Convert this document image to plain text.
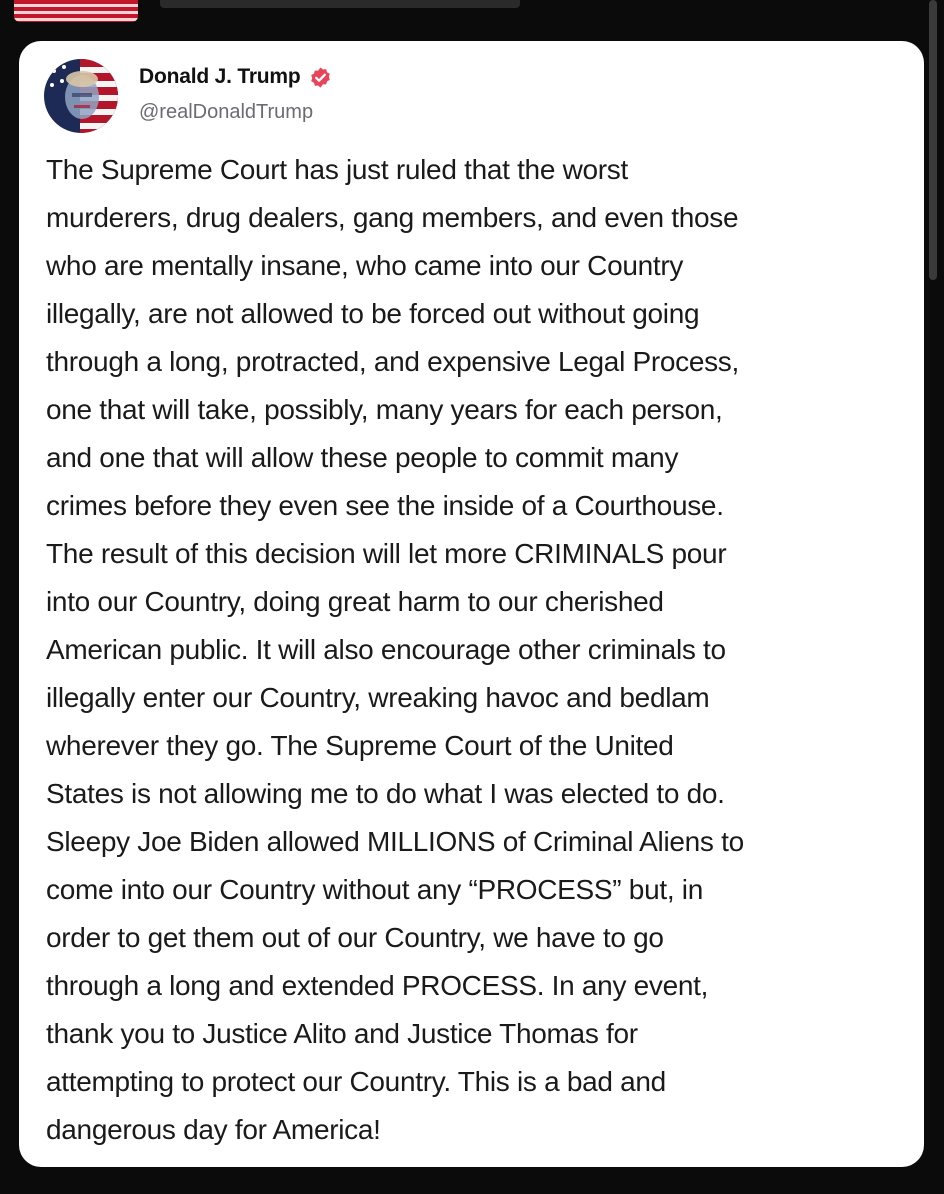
Donald J. Trump
@realDonaldTrump

The Supreme Court has just ruled that the worst
murderers, drug dealers, gang members, and even those
who are mentally insane, who came into our Country
illegally, are not allowed to be forced out without going
through a long, protracted, and expensive Legal Process,
one that will take, possibly, many years for each person,
and one that will allow these people to commit many
crimes before they even see the inside of a Courthouse.
The result of this decision will let more CRIMINALS pour
into our Country, doing great harm to our cherished
American public. It will also encourage other criminals to
illegally enter our Country, wreaking havoc and bedlam
wherever they go. The Supreme Court of the United
States is not allowing me to do what I was elected to do.
Sleepy Joe Biden allowed MILLIONS of Criminal Aliens to
come into our Country without any “PROCESS” but, in
order to get them out of our Country, we have to go
through a long and extended PROCESS. In any event,
thank you to Justice Alito and Justice Thomas for
attempting to protect our Country. This is a bad and
dangerous day for America!
